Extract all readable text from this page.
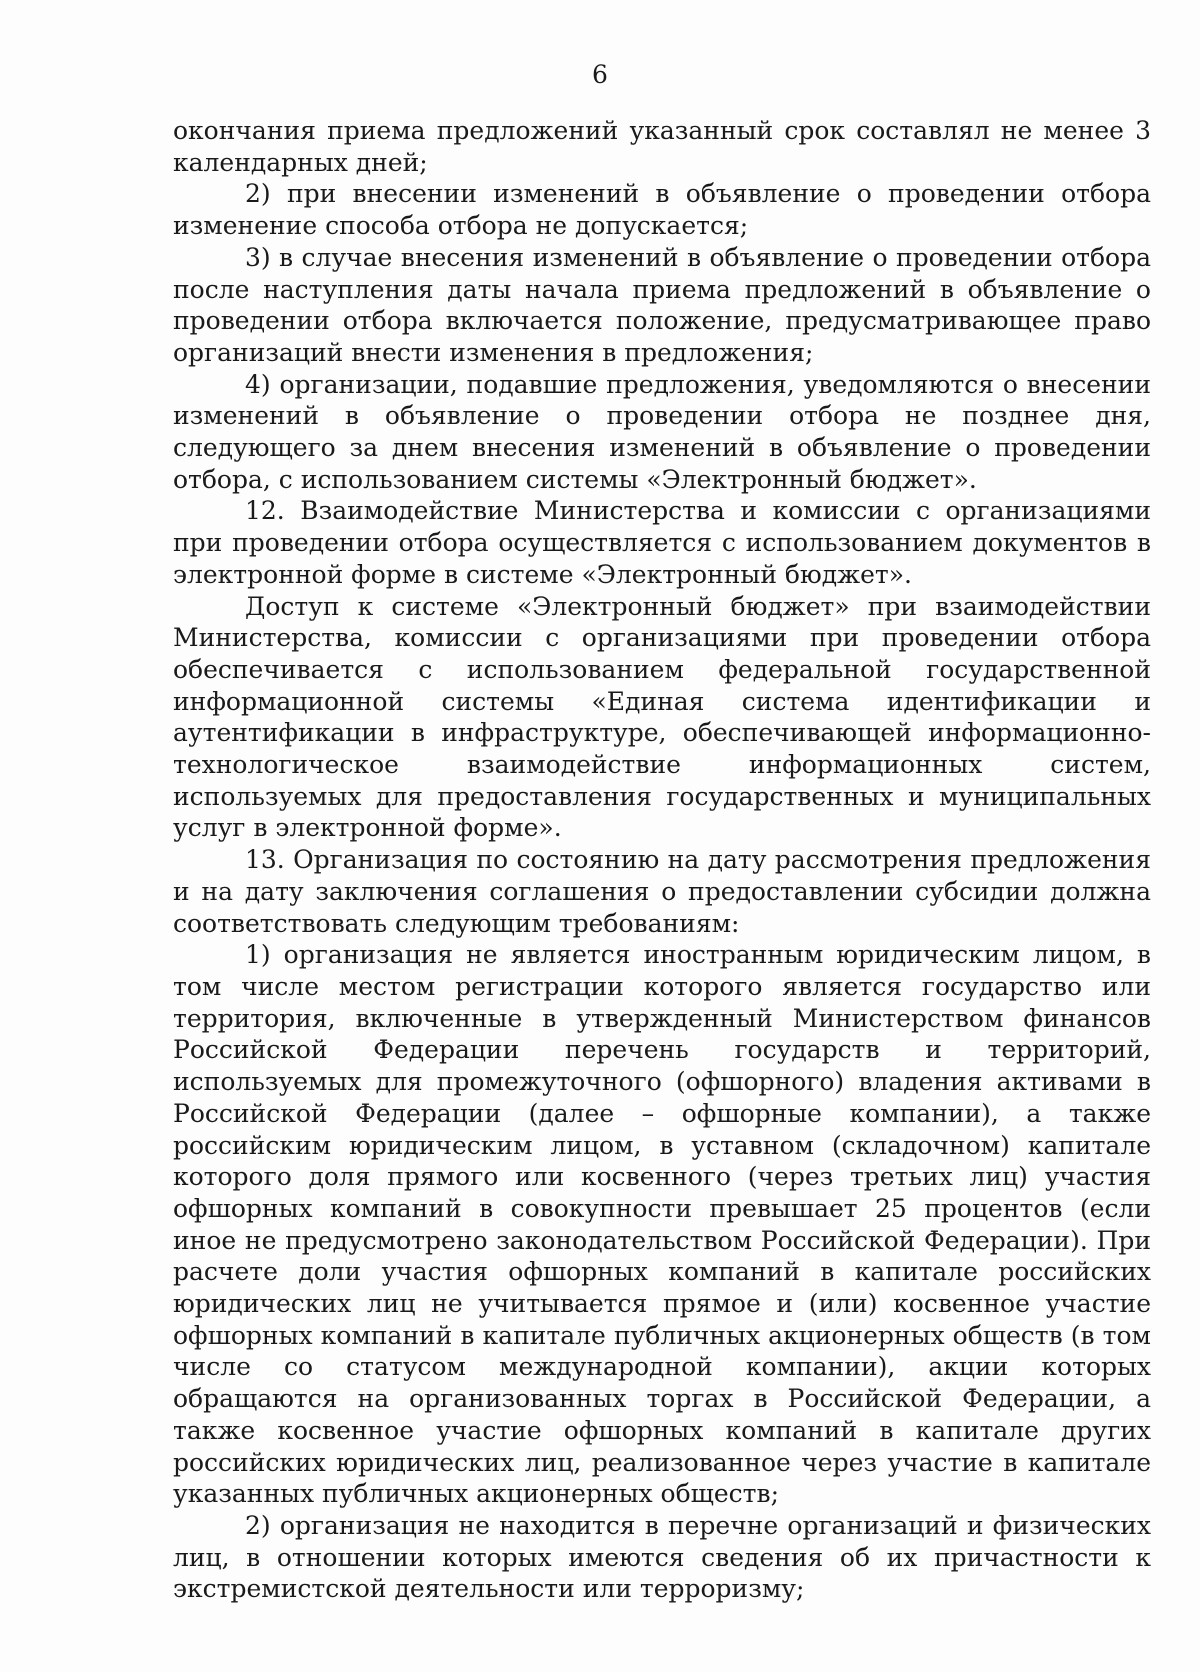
6

окончания приема предложений указанный срок составлял не менее 3 календарных дней;

2) при внесении изменений в объявление о проведении отбора изменение способа отбора не допускается;

3) в случае внесения изменений в объявление о проведении отбора после наступления даты начала приема предложений в объявление о проведении отбора включается положение, предусматривающее право организаций внести изменения в предложения;

4) организации, подавшие предложения, уведомляются о внесении изменений в объявление о проведении отбора не позднее дня, следующего за днем внесения изменений в объявление о проведении отбора, с использованием системы «Электронный бюджет».

12. Взаимодействие Министерства и комиссии с организациями при проведении отбора осуществляется с использованием документов в электронной форме в системе «Электронный бюджет».

Доступ к системе «Электронный бюджет» при взаимодействии Министерства, комиссии с организациями при проведении отбора обеспечивается с использованием федеральной государственной информационной системы «Единая система идентификации и аутентификации в инфраструктуре, обеспечивающей информационно-технологическое взаимодействие информационных систем, используемых для предоставления государственных и муниципальных услуг в электронной форме».

13. Организация по состоянию на дату рассмотрения предложения и на дату заключения соглашения о предоставлении субсидии должна соответствовать следующим требованиям:

1) организация не является иностранным юридическим лицом, в том числе местом регистрации которого является государство или территория, включенные в утвержденный Министерством финансов Российской Федерации перечень государств и территорий, используемых для промежуточного (офшорного) владения активами в Российской Федерации (далее – офшорные компании), а также российским юридическим лицом, в уставном (складочном) капитале которого доля прямого или косвенного (через третьих лиц) участия офшорных компаний в совокупности превышает 25 процентов (если иное не предусмотрено законодательством Российской Федерации). При расчете доли участия офшорных компаний в капитале российских юридических лиц не учитывается прямое и (или) косвенное участие офшорных компаний в капитале публичных акционерных обществ (в том числе со статусом международной компании), акции которых обращаются на организованных торгах в Российской Федерации, а также косвенное участие офшорных компаний в капитале других российских юридических лиц, реализованное через участие в капитале указанных публичных акционерных обществ;

2) организация не находится в перечне организаций и физических лиц, в отношении которых имеются сведения об их причастности к экстремистской деятельности или терроризму;
